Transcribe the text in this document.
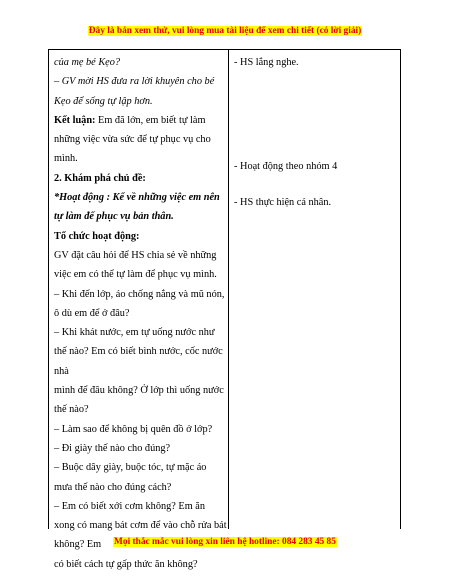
Đây là bản xem thử, vui lòng mua tài liệu để xem chi tiết (có lời giải)
của mẹ bé Kẹo?
– GV mời HS đưa ra lời khuyên cho bé
Kẹo để sống tự lập hơn.
Kết luận: Em đã lớn, em biết tự làm
những việc vừa sức để tự phục vụ cho
mình.
2. Khám phá chủ đề:
*Hoạt động : Kể về những việc em nên
tự làm để phục vụ bản thân.
Tổ chức hoạt động:
GV đặt câu hỏi để HS chia sẻ về những
việc em có thể tự làm để phục vụ mình.
– Khi đến lớp, áo chống nắng và mũ nón,
ô dù em để ở đâu?
– Khi khát nước, em tự uống nước như
thế nào? Em có biết bình nước, cốc nước
nhà
mình để đâu không? Ở lớp thì uống nước
thế nào?
– Làm sao để không bị quên đồ ở lớp?
– Đi giày thế nào cho đúng?
– Buộc dây giày, buộc tóc, tự mặc áo
mưa thế nào cho đúng cách?
– Em có biết xới cơm không? Em ăn
xong có mang bát cơm để vào chỗ rửa bát
không? Em
có biết cách tự gấp thức ăn không?
- HS lắng nghe.
- Hoạt động theo nhóm 4
- HS thực hiện cá nhân.
Mọi thắc mắc vui lòng xin liên hệ hotline: 084 283 45 85
